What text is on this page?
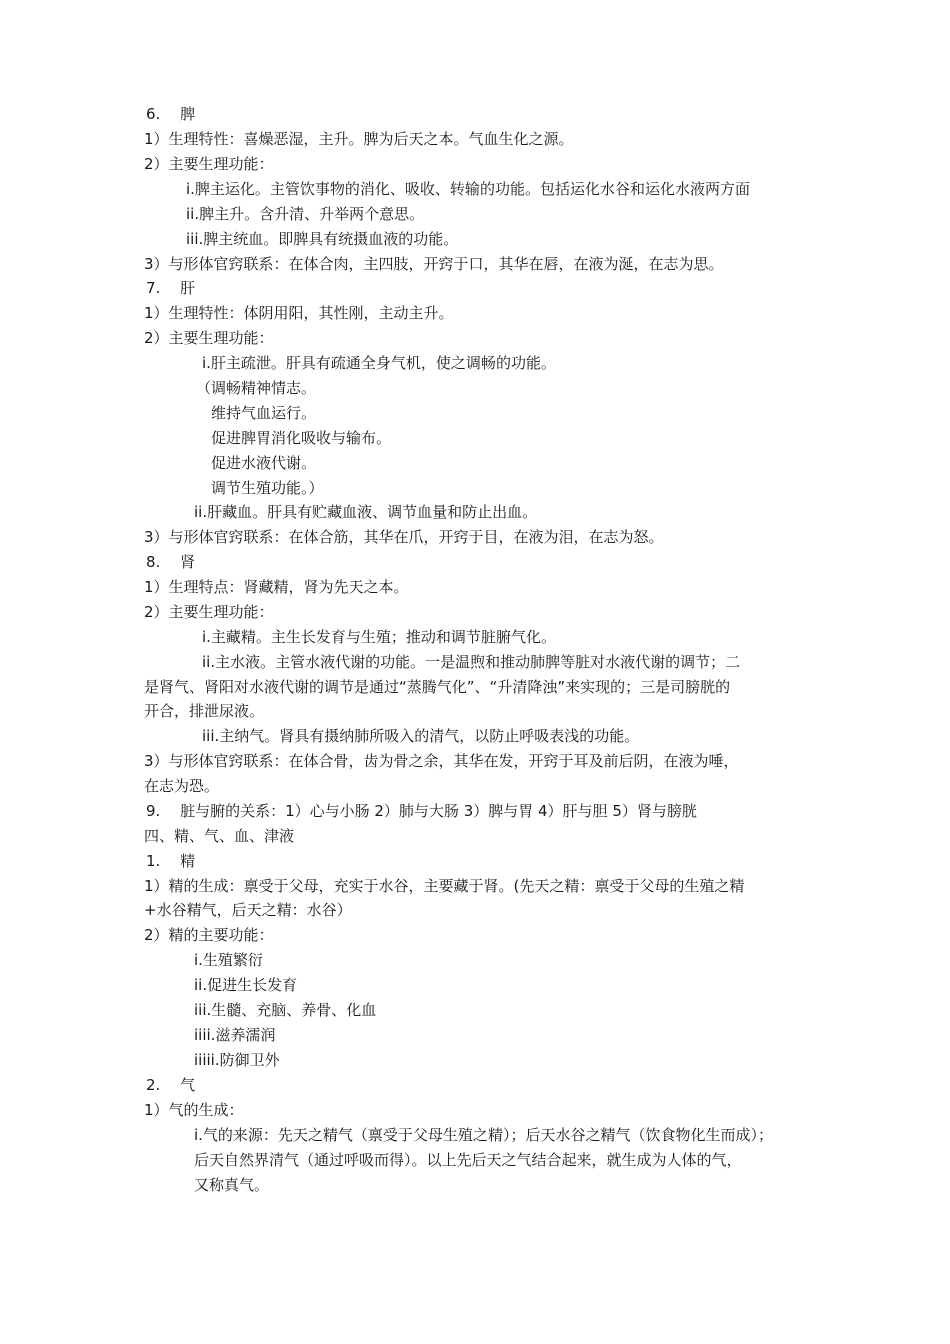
6.　 脾
1）生理特性：喜燥恶湿，主升。脾为后天之本。气血生化之源。
2）主要生理功能：
i.脾主运化。主管饮事物的消化、吸收、转输的功能。包括运化水谷和运化水液两方面
ii.脾主升。含升清、升举两个意思。
iii.脾主统血。即脾具有统摄血液的功能。
3）与形体官窍联系：在体合肉，主四肢，开窍于口，其华在唇，在液为涎，在志为思。
7.　 肝
1）生理特性：体阴用阳，其性刚，主动主升。
2）主要生理功能：
i.肝主疏泄。肝具有疏通全身气机，使之调畅的功能。
（调畅精神情志。
维持气血运行。
促进脾胃消化吸收与输布。
促进水液代谢。
调节生殖功能。）
ii.肝藏血。肝具有贮藏血液、调节血量和防止出血。
3）与形体官窍联系：在体合筋，其华在爪，开窍于目，在液为泪，在志为怒。
8.　 肾
1）生理特点：肾藏精，肾为先天之本。
2）主要生理功能：
i.主藏精。主生长发育与生殖；推动和调节脏腑气化。
ii.主水液。主管水液代谢的功能。一是温煦和推动肺脾等脏对水液代谢的调节；二
是肾气、肾阳对水液代谢的调节是通过“蒸腾气化”、“升清降浊”来实现的；三是司膀胱的
开合，排泄尿液。
iii.主纳气。肾具有摄纳肺所吸入的清气，以防止呼吸表浅的功能。
3）与形体官窍联系：在体合骨，齿为骨之余，其华在发，开窍于耳及前后阴，在液为唾，
在志为恐。
9.　 脏与腑的关系：1）心与小肠 2）肺与大肠 3）脾与胃 4）肝与胆 5）肾与膀胱
四、精、气、血、津液
1.　 精
1）精的生成：禀受于父母，充实于水谷，主要藏于肾。(先天之精：禀受于父母的生殖之精
+水谷精气，后天之精：水谷）
2）精的主要功能：
i.生殖繁衍
ii.促进生长发育
iii.生髓、充脑、养骨、化血
iiii.滋养濡润
iiiii.防御卫外
2.　 气
1）气的生成：
i.气的来源：先天之精气（禀受于父母生殖之精）；后天水谷之精气（饮食物化生而成）；
后天自然界清气（通过呼吸而得）。以上先后天之气结合起来，就生成为人体的气，
又称真气。
